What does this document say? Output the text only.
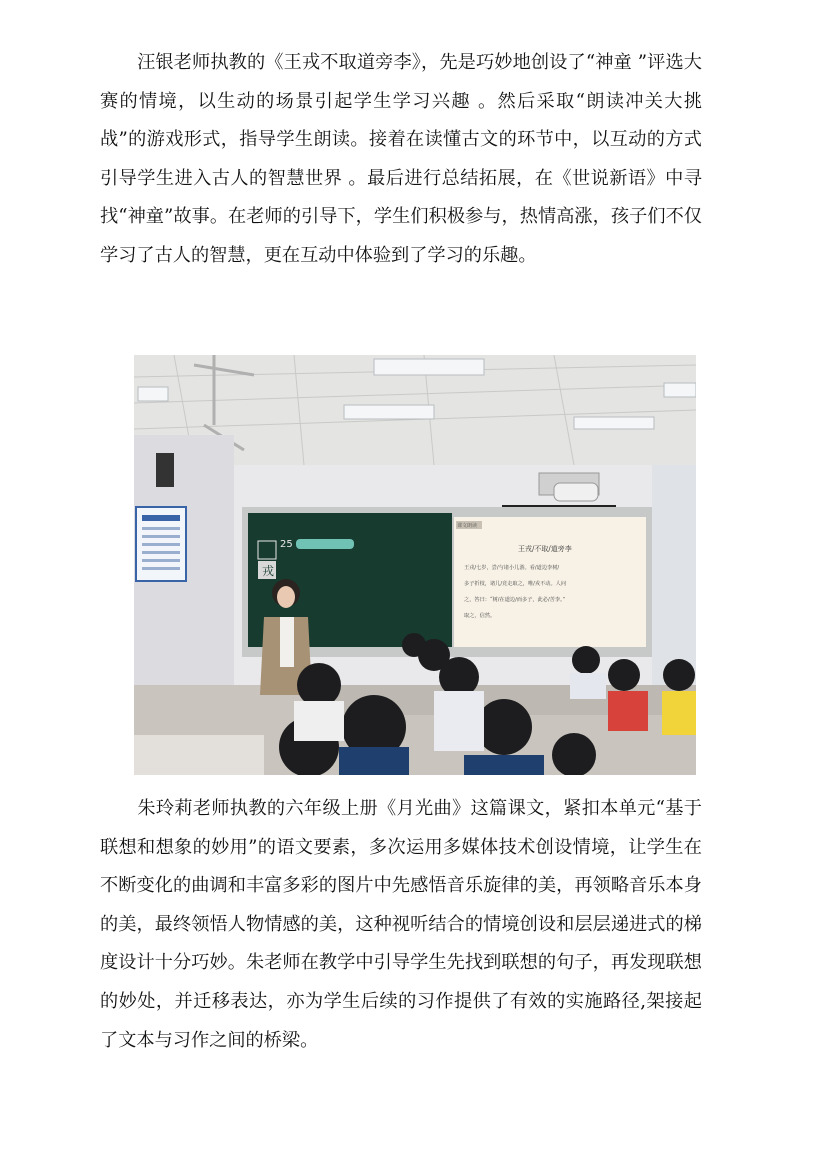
汪银老师执教的《王戎不取道旁李》，先是巧妙地创设了“神童 ”评选大赛的情境，以生动的场景引起学生学习兴趣 。然后采取“朗读冲关大挑战”的游戏形式，指导学生朗读。接着在读懂古文的环节中，以互动的方式引导学生进入古人的智慧世界 。最后进行总结拓展，在《世说新语》中寻找“神童”故事。在老师的引导下，学生们积极参与，热情高涨，孩子们不仅学习了古人的智慧，更在互动中体验到了学习的乐趣。

戎
25
课文朗读
王戎/不取/道旁李
王戎/七岁，尝/与诸小儿游。看/道边李树/
多子折枝，诸儿/竞走取之，唯/戎不动。人问
之，答曰：“树/在道边/而多子，此必/苦李。”
取之，信然。

朱玲莉老师执教的六年级上册《月光曲》这篇课文，紧扣本单元“基于联想和想象的妙用”的语文要素，多次运用多媒体技术创设情境，让学生在不断变化的曲调和丰富多彩的图片中先感悟音乐旋律的美，再领略音乐本身的美，最终领悟人物情感的美，这种视听结合的情境创设和层层递进式的梯度设计十分巧妙。朱老师在教学中引导学生先找到联想的句子，再发现联想的妙处，并迁移表达，亦为学生后续的习作提供了有效的实施路径,架接起了文本与习作之间的桥梁。
